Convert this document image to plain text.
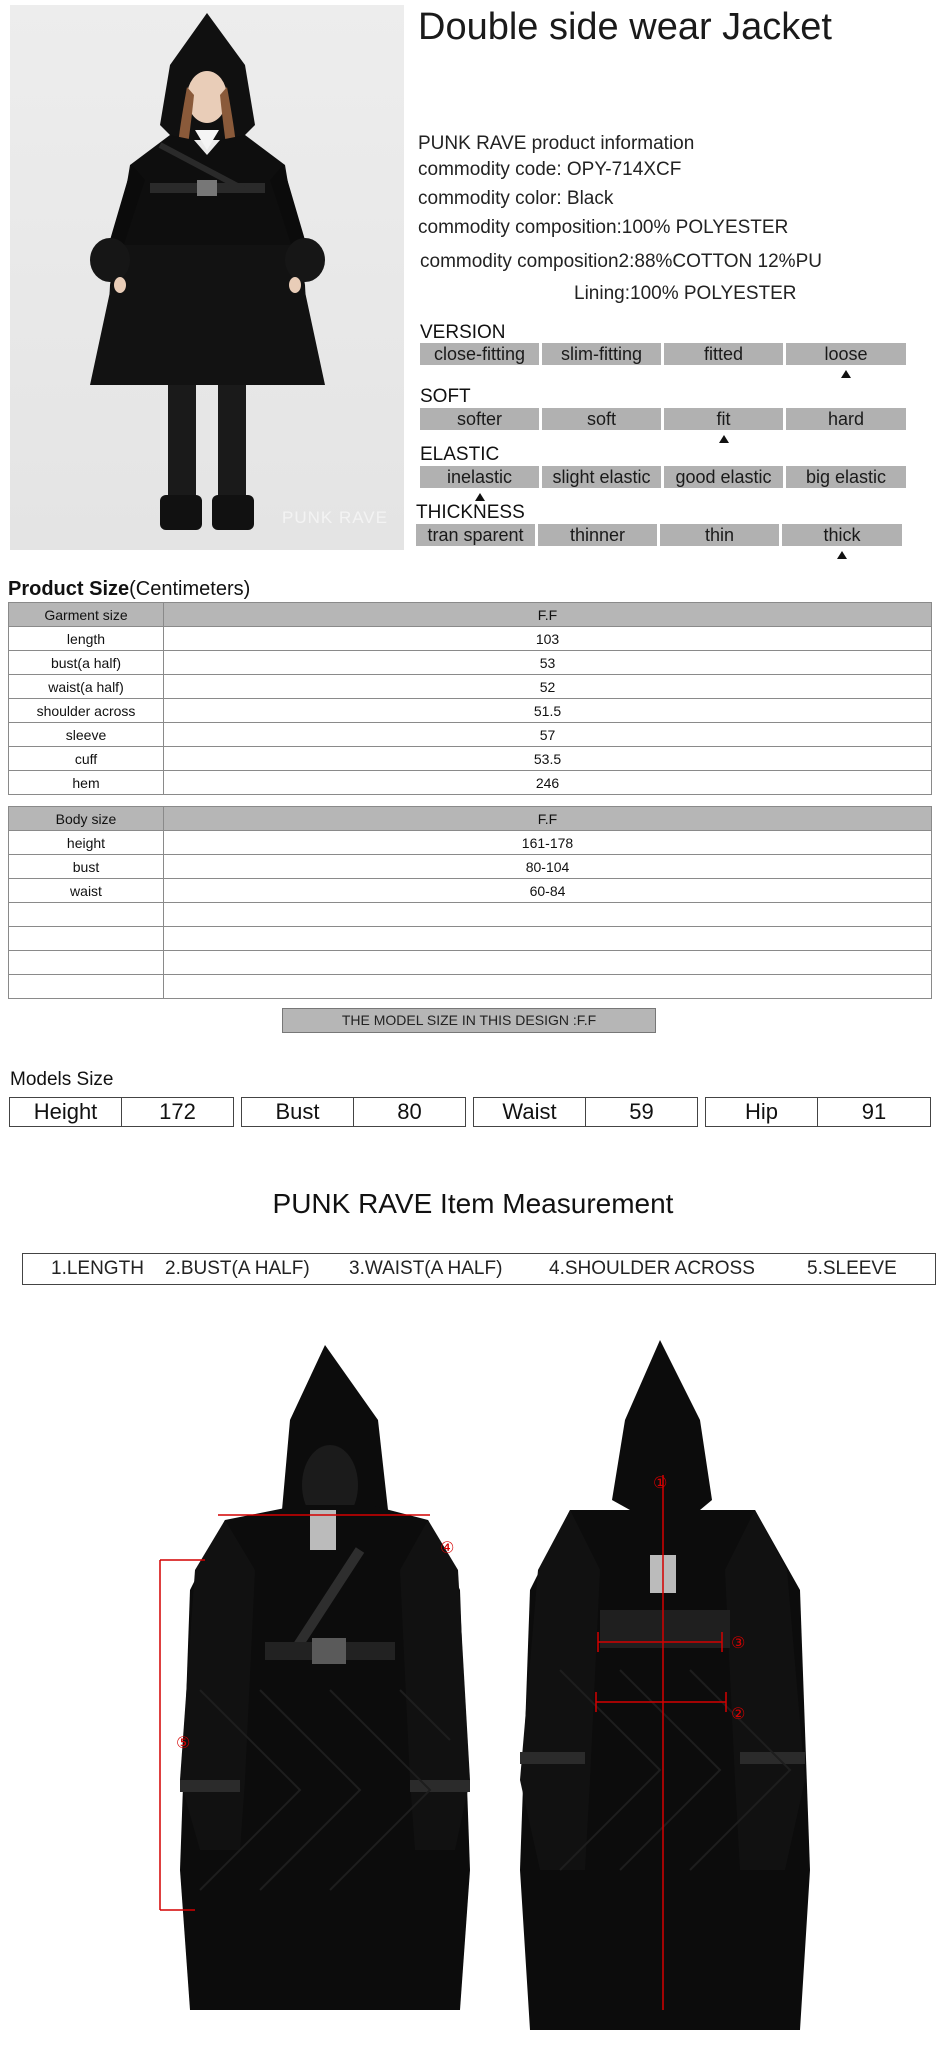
PUNK RAVE
Double side wear Jacket
PUNK RAVE product information
commodity code: OPY-714XCF
commodity color: Black
commodity composition:100% POLYESTER
commodity composition2:88%COTTON 12%PU
Lining:100% POLYESTER
VERSION
close-fitting	slim-fitting	fitted	loose
SOFT
softer	soft	fit	hard
ELASTIC
inelastic	slight elastic	good elastic	big elastic
THICKNESS
tran sparent	thinner	thin	thick
Product Size(Centimeters)
Garment size	F.F
length	103
bust(a half)	53
waist(a half)	52
shoulder across	51.5
sleeve	57
cuff	53.5
hem	246
Body size	F.F
height	161-178
bust	80-104
waist	60-84

THE MODEL SIZE IN THIS DESIGN :F.F
Models Size
Height	172	Bust	80	Waist	59	Hip	91
PUNK RAVE Item Measurement
1.LENGTH 2.BUST(A HALF) 3.WAIST(A HALF) 4.SHOULDER ACROSS	5.SLEEVE
④
⑤
①
③
②
